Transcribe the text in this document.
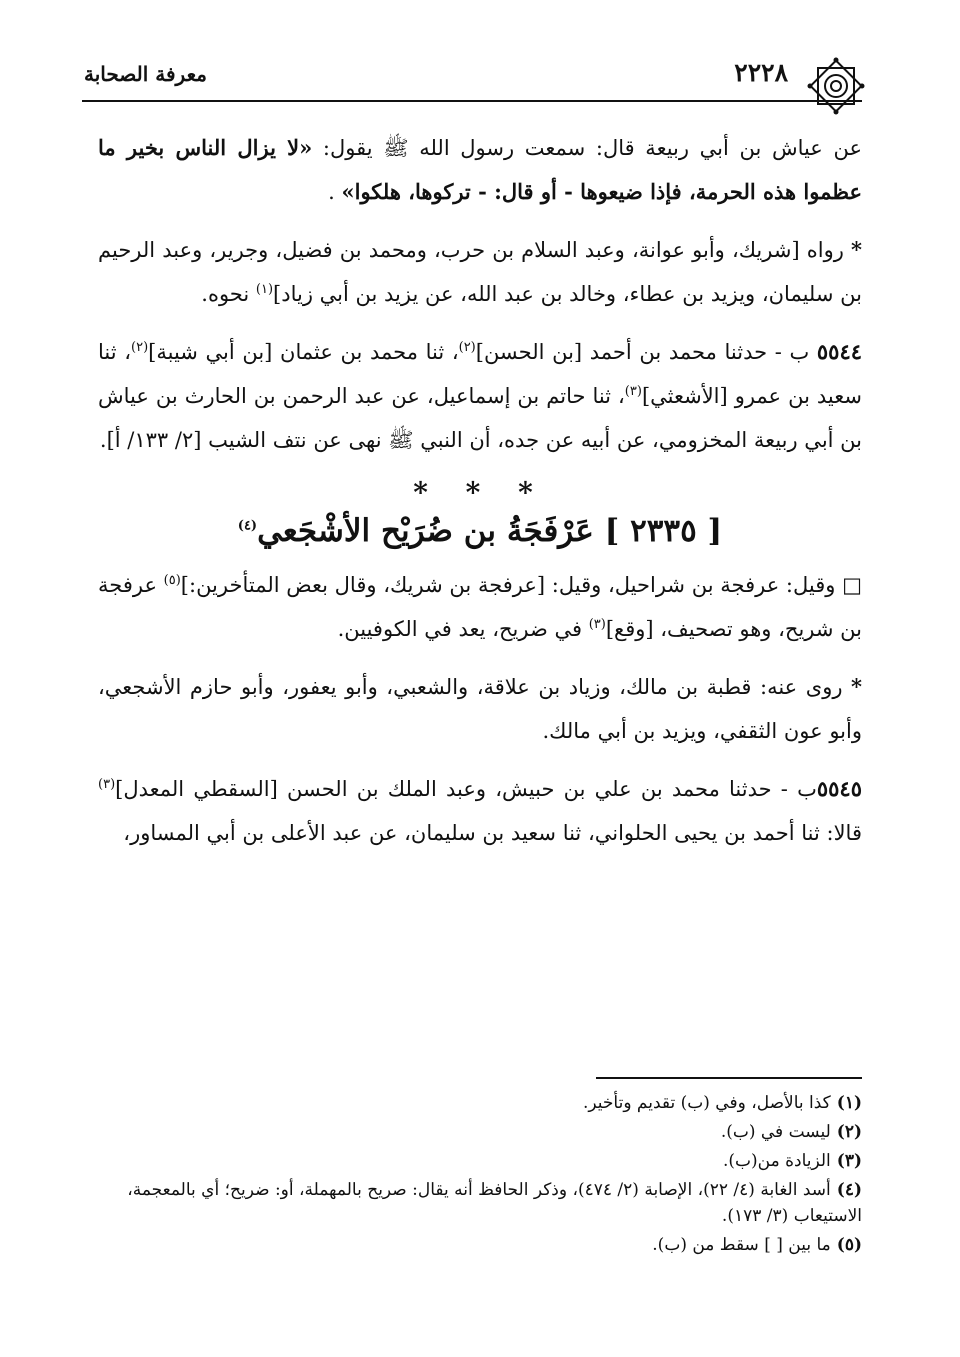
٢٢٢٨
معرفة الصحابة

عن عياش بن أبي ربيعة قال: سمعت رسول الله ﷺ يقول: «لا يزال الناس بخير ما عظموا هذه الحرمة، فإذا ضيعوها - أو قال: - تركوها، هلكوا» .

* رواه [شريك، وأبو عوانة، وعبد السلام بن حرب، ومحمد بن فضيل، وجرير، وعبد الرحيم بن سليمان، ويزيد بن عطاء، وخالد بن عبد الله، عن يزيد بن أبي زياد]$^{(١)}$ نحوه.

٥٥٤٤ ب - حدثنا محمد بن أحمد [بن الحسن]$^{(٢)}$، ثنا محمد بن عثمان [بن أبي شيبة]$^{(٢)}$، ثنا سعيد بن عمرو [الأشعثي]$^{(٣)}$، ثنا حاتم بن إسماعيل، عن عبد الرحمن بن الحارث بن عياش بن أبي ربيعة المخزومي، عن أبيه عن جده، أن النبي ﷺ نهى عن نتف الشيب [٢/ ١٣٣/ أ].

* * *
[ ٢٣٣٥ ] عَرْفَجَةُ بن ضُرَيْح الأشْجَعي$^{(٤)}$

□ وقيل: عرفجة بن شراحيل، وقيل: [عرفجة بن شريك، وقال بعض المتأخرين:]$^{(٥)}$ عرفجة بن شريح، وهو تصحيف، [وقع]$^{(٣)}$ في ضريح، يعد في الكوفيين.

* روى عنه: قطبة بن مالك، وزياد بن علاقة، والشعبي، وأبو يعفور، وأبو حازم الأشجعي، وأبو عون الثقفي، ويزيد بن أبي مالك.

٥٥٤٥ب - حدثنا محمد بن علي بن حبيش، وعبد الملك بن الحسن [السقطي المعدل]$^{(٣)}$ قالا: ثنا أحمد بن يحيى الحلواني، ثنا سعيد بن سليمان، عن عبد الأعلى بن أبي المساور،

(١)كذا بالأصل، وفي (ب) تقديم وتأخير.
(٢)ليست في (ب).
(٣)الزيادة من(ب).
(٤)أسد الغابة (٤/ ٢٢)، الإصابة (٢/ ٤٧٤)، وذكر الحافظ أنه يقال: صريح بالمهملة، أو: ضريح؛ أي بالمعجمة، الاستيعاب (٣/ ١٧٣).
(٥)ما بين [ ] سقط من (ب).
